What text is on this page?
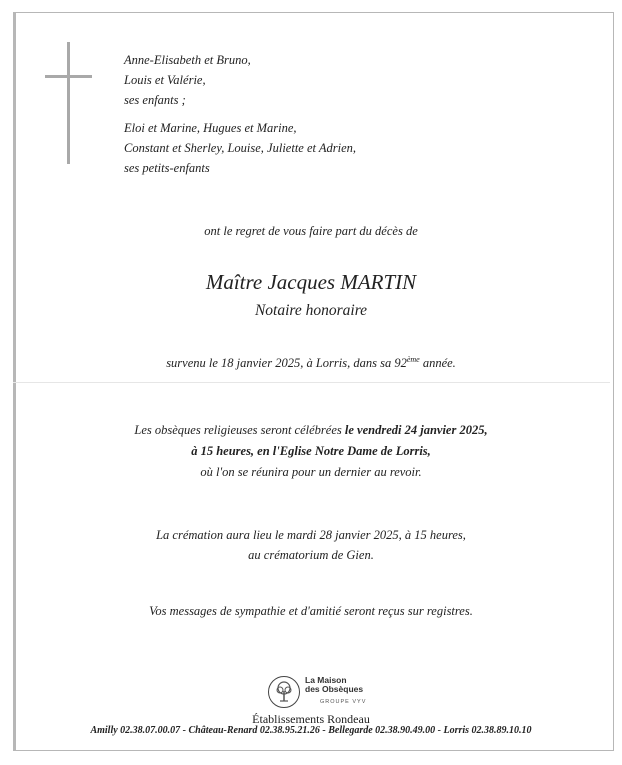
Anne-Elisabeth et Bruno,
Louis et Valérie,
ses enfants ;
Eloi et Marine, Hugues et Marine,
Constant et Sherley, Louise, Juliette et Adrien,
ses petits-enfants
ont le regret de vous faire part du décès de
Maître Jacques MARTIN
Notaire honoraire
survenu le 18 janvier 2025, à Lorris, dans sa 92ème année.
Les obsèques religieuses seront célébrées le vendredi 24 janvier 2025,
à 15 heures, en l'Eglise Notre Dame de Lorris,
où l'on se réunira pour un dernier au revoir.
La crémation aura lieu le mardi 28 janvier 2025, à 15 heures,
au crématorium de Gien.
Vos messages de sympathie et d'amitié seront reçus sur registres.
La Maison
des Obsèques
GROUPE VYV
Établissements Rondeau
Amilly 02.38.07.00.07 - Château-Renard 02.38.95.21.26 - Bellegarde 02.38.90.49.00 - Lorris 02.38.89.10.10
